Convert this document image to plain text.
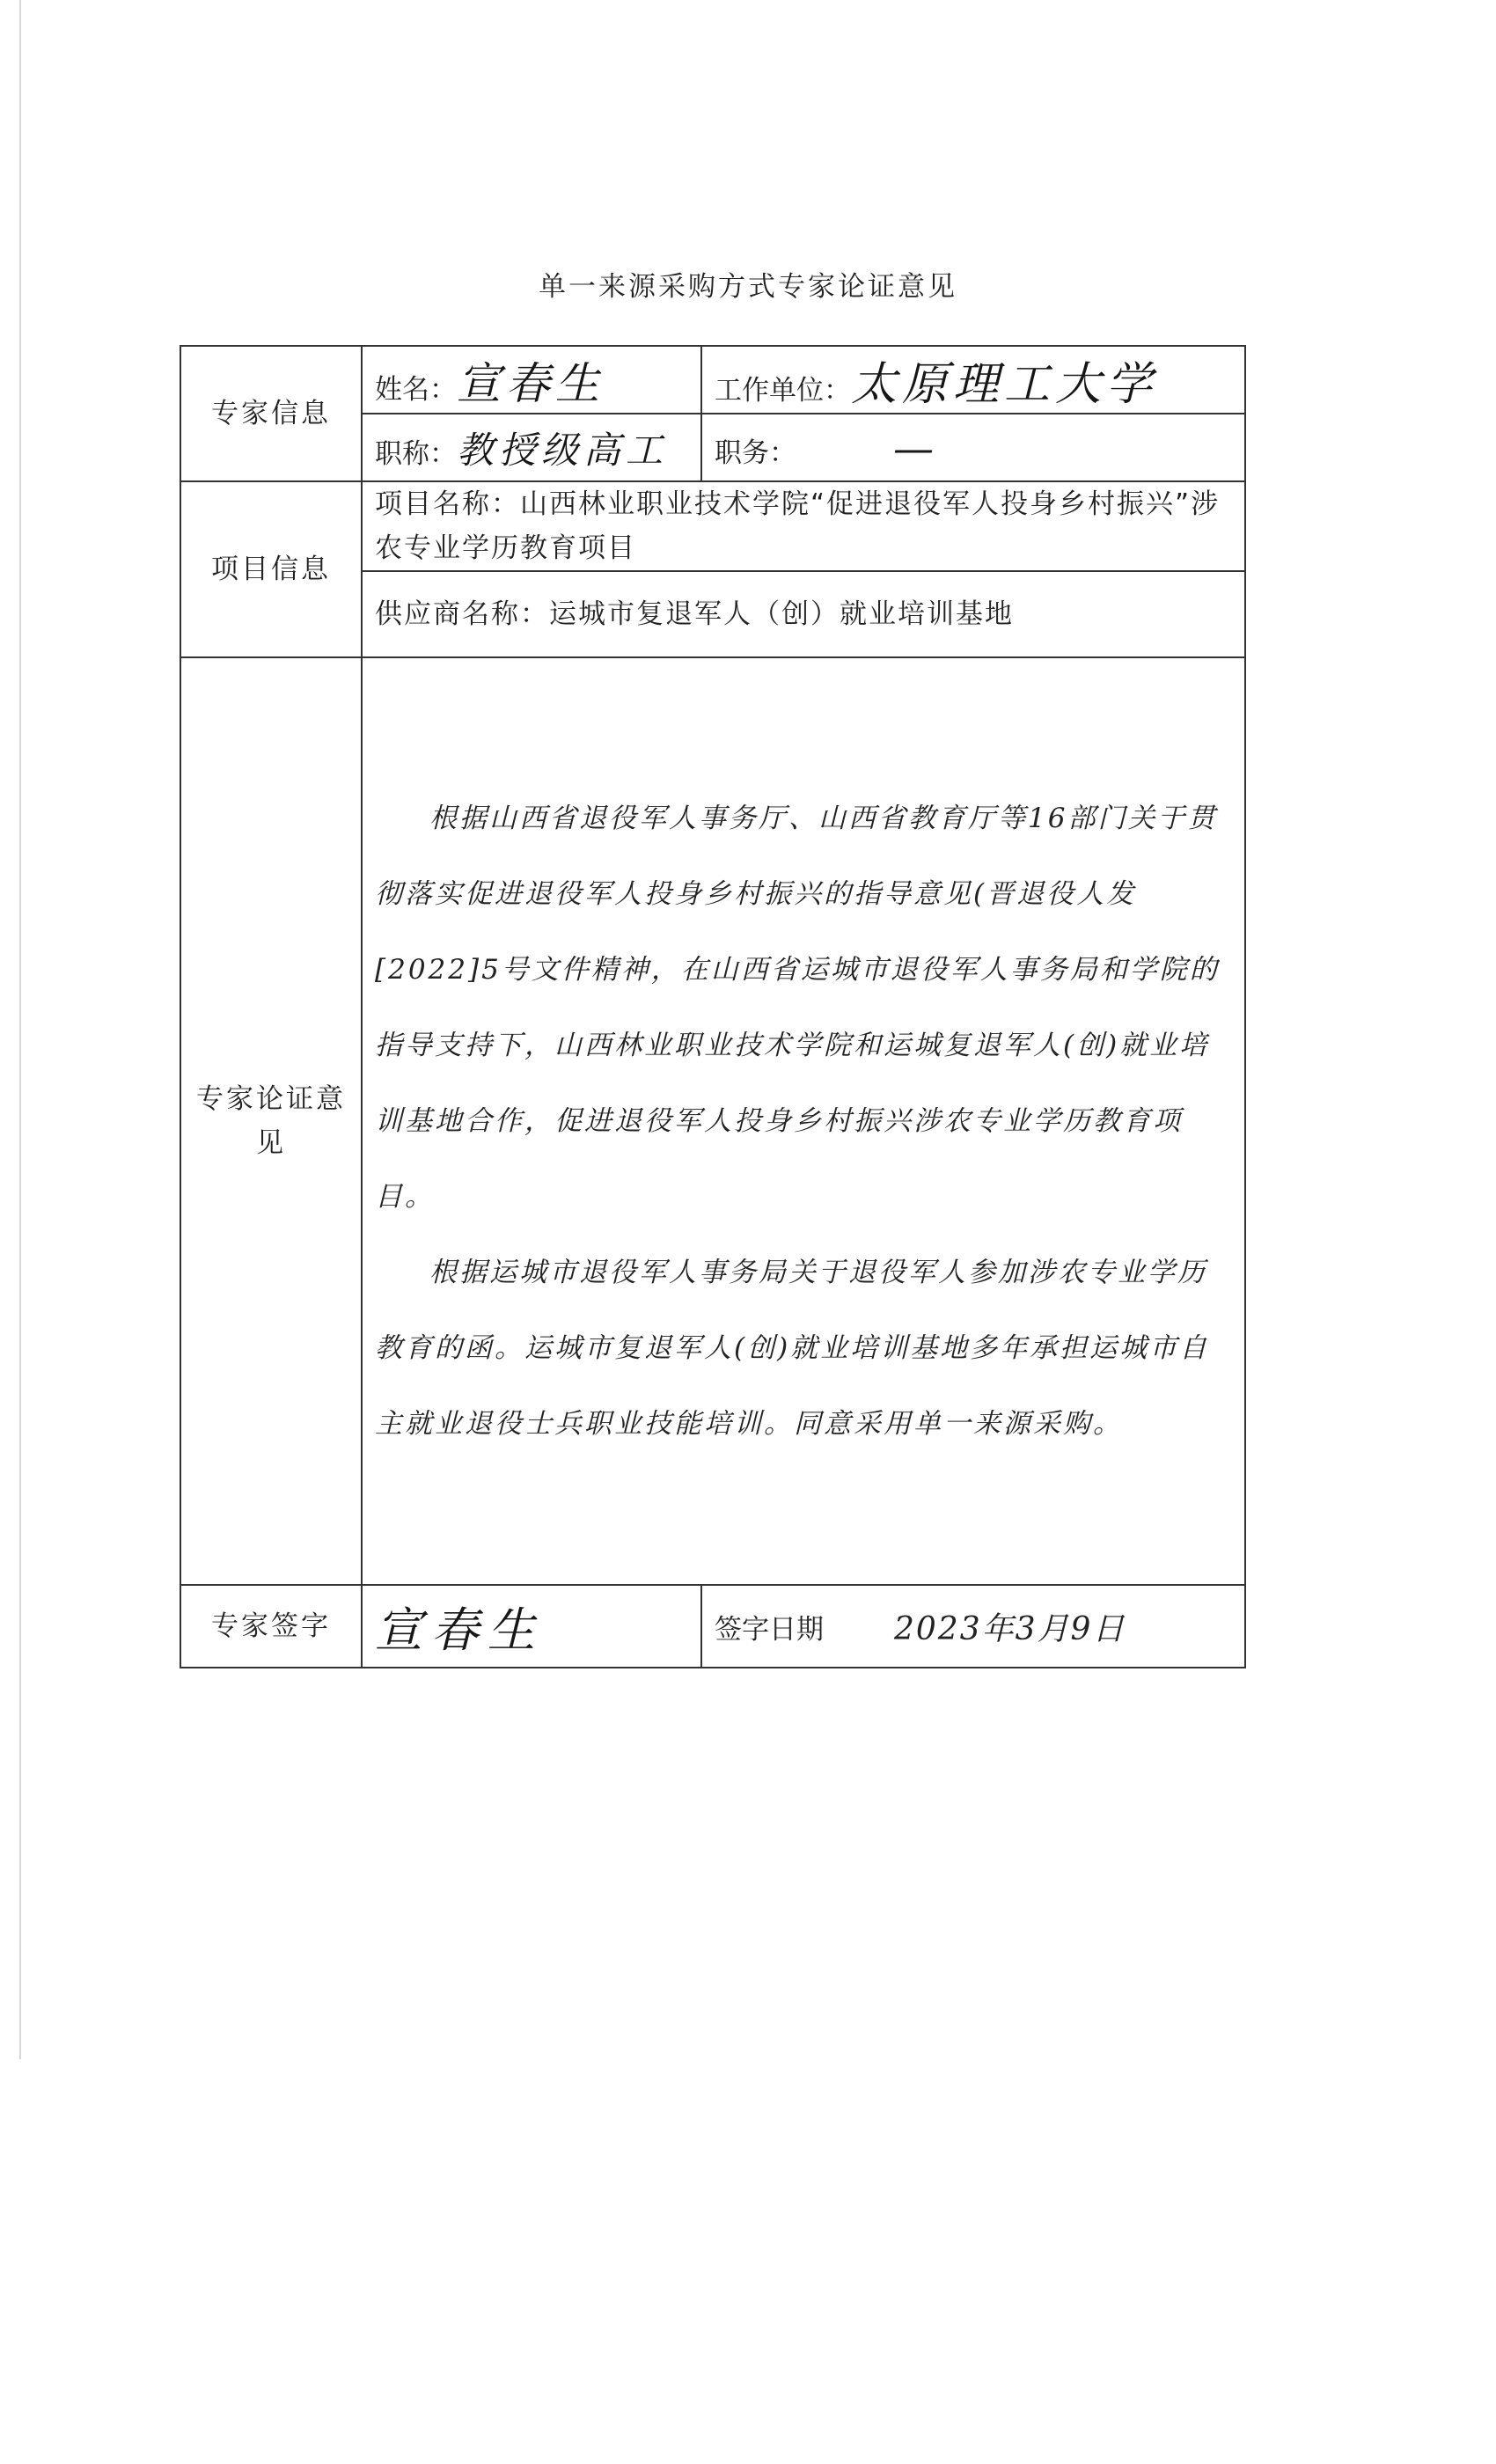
单一来源采购方式专家论证意见
专家信息	姓名：宣春生	工作单位：太原理工大学
	职称：教授级高工	职务： —
项目信息	项目名称：山西林业职业技术学院“促进退役军人投身乡村振兴”涉农专业学历教育项目	
	供应商名称：运城市复退军人（创）就业培训基地	
专家论证意见	根据山西省退役军人事务厅、山西省教育厅等16部门关于贯彻落实促进退役军人投身乡村振兴的指导意见(晋退役人发[2022]5号文件精神，在山西省运城市退役军人事务局和学院的指导支持下，山西林业职业技术学院和运城复退军人(创)就业培训基地合作，促进退役军人投身乡村振兴涉农专业学历教育项目。

根据运城市退役军人事务局关于退役军人参加涉农专业学历教育的函。运城市复退军人(创)就业培训基地多年承担运城市自主就业退役士兵职业技能培训。同意采用单一来源采购。	

专家签字	宣春生	签字日期 2023年3月9日
